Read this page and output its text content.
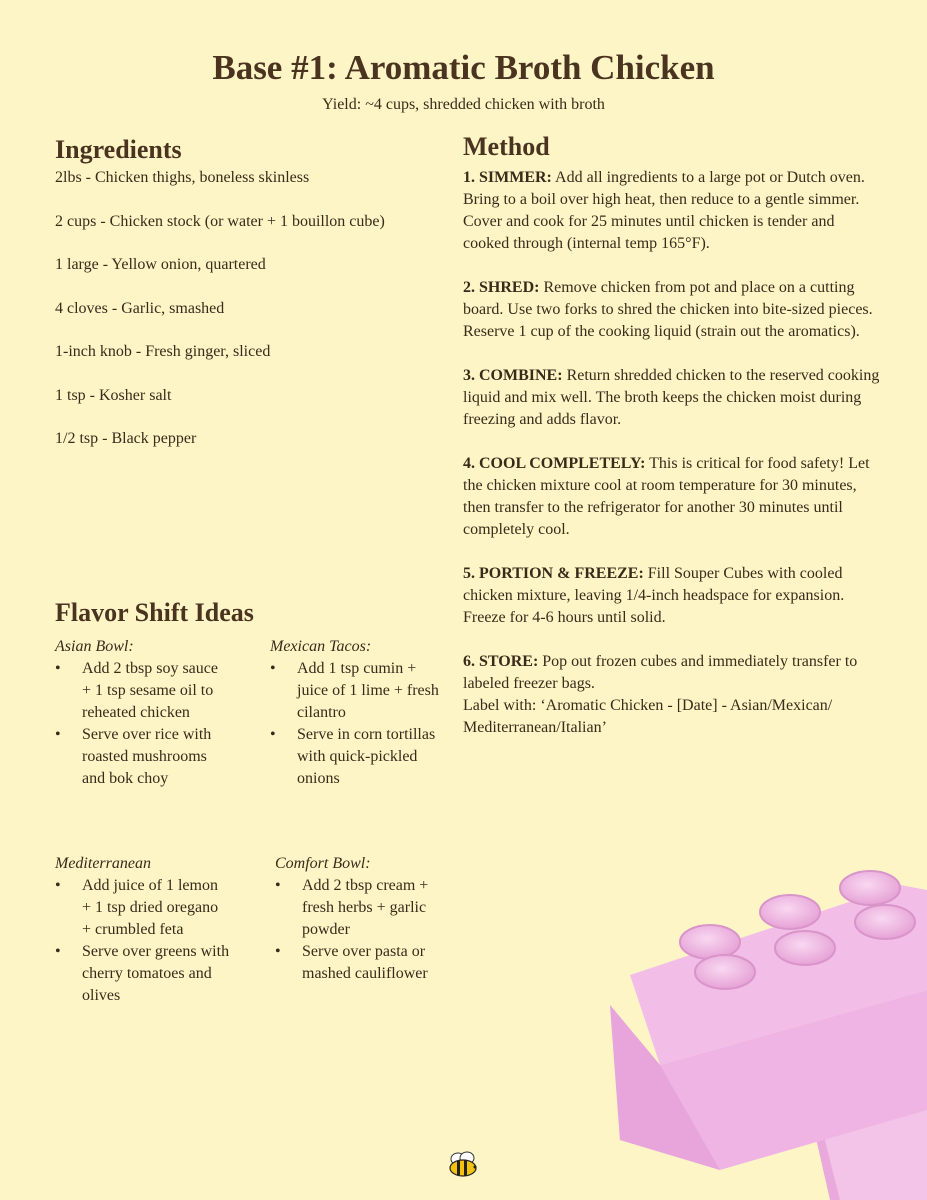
Base #1: Aromatic Broth Chicken
Yield: ~4 cups, shredded chicken with broth
Ingredients
2lbs - Chicken thighs, boneless skinless
2 cups - Chicken stock (or water + 1 bouillon cube)
1 large - Yellow onion, quartered
4 cloves - Garlic, smashed
1-inch knob - Fresh ginger, sliced
1 tsp - Kosher salt
1/2 tsp - Black pepper
Method

1. SIMMER: Add all ingredients to a large pot or Dutch oven. Bring to a boil over high heat, then reduce to a gentle simmer. Cover and cook for 25 minutes until chicken is tender and cooked through (internal temp 165°F).

2. SHRED: Remove chicken from pot and place on a cutting board. Use two forks to shred the chicken into bite-sized pieces. Reserve 1 cup of the cooking liquid (strain out the aromatics).

3. COMBINE: Return shredded chicken to the reserved cooking liquid and mix well. The broth keeps the chicken moist during freezing and adds flavor.

4. COOL COMPLETELY: This is critical for food safety! Let the chicken mixture cool at room temperature for 30 minutes, then transfer to the refrigerator for another 30 minutes until completely cool.

5. PORTION & FREEZE: Fill Souper Cubes with cooled chicken mixture, leaving 1/4-inch headspace for expansion. Freeze for 4-6 hours until solid.

6. STORE: Pop out frozen cubes and immediately transfer to labeled freezer bags.
Label with: ‘Aromatic Chicken - [Date] - Asian/Mexican/ Mediterranean/Italian’

Flavor Shift Ideas
Asian Bowl:
• Add 2 tbsp soy sauce + 1 tsp sesame oil to reheated chicken
• Serve over rice with roasted mushrooms and bok choy
Mexican Tacos:
• Add 1 tsp cumin + juice of 1 lime + fresh cilantro
• Serve in corn tortillas with quick-pickled onions
Mediterranean
• Add juice of 1 lemon + 1 tsp dried oregano + crumbled feta
• Serve over greens with cherry tomatoes and olives
Comfort Bowl:
• Add 2 tbsp cream + fresh herbs + garlic powder
• Serve over pasta or mashed cauliflower
